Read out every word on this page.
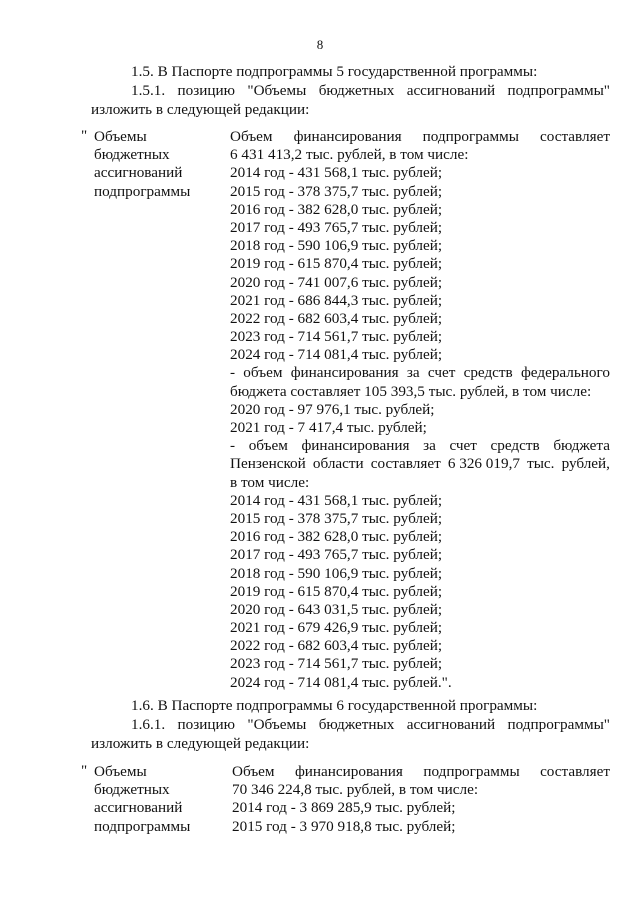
8
1.5. В Паспорте подпрограммы 5 государственной программы:
1.5.1. позицию "Объемы бюджетных ассигнований подпрограммы"
изложить в следующей редакции:
" Объемы
бюджетных
ассигнований
подпрограммы
Объем финансирования подпрограммы составляет
6 431 413,2 тыс. рублей, в том числе:
2014 год - 431 568,1 тыс. рублей;
2015 год - 378 375,7 тыс. рублей;
2016 год - 382 628,0 тыс. рублей;
2017 год - 493 765,7 тыс. рублей;
2018 год - 590 106,9 тыс. рублей;
2019 год - 615 870,4 тыс. рублей;
2020 год - 741 007,6 тыс. рублей;
2021 год - 686 844,3 тыс. рублей;
2022 год - 682 603,4 тыс. рублей;
2023 год - 714 561,7 тыс. рублей;
2024 год - 714 081,4 тыс. рублей;
- объем финансирования за счет средств федерального
бюджета составляет 105 393,5 тыс. рублей, в том числе:
2020 год - 97 976,1 тыс. рублей;
2021 год - 7 417,4 тыс. рублей;
- объем финансирования за счет средств бюджета
Пензенской области составляет 6 326 019,7 тыс. рублей,
в том числе:
2014 год - 431 568,1 тыс. рублей;
2015 год - 378 375,7 тыс. рублей;
2016 год - 382 628,0 тыс. рублей;
2017 год - 493 765,7 тыс. рублей;
2018 год - 590 106,9 тыс. рублей;
2019 год - 615 870,4 тыс. рублей;
2020 год - 643 031,5 тыс. рублей;
2021 год - 679 426,9 тыс. рублей;
2022 год - 682 603,4 тыс. рублей;
2023 год - 714 561,7 тыс. рублей;
2024 год - 714 081,4 тыс. рублей.".
1.6. В Паспорте подпрограммы 6 государственной программы:
1.6.1. позицию "Объемы бюджетных ассигнований подпрограммы"
изложить в следующей редакции:
" Объемы
бюджетных
ассигнований
подпрограммы
Объем финансирования подпрограммы составляет
70 346 224,8 тыс. рублей, в том числе:
2014 год - 3 869 285,9 тыс. рублей;
2015 год - 3 970 918,8 тыс. рублей;
